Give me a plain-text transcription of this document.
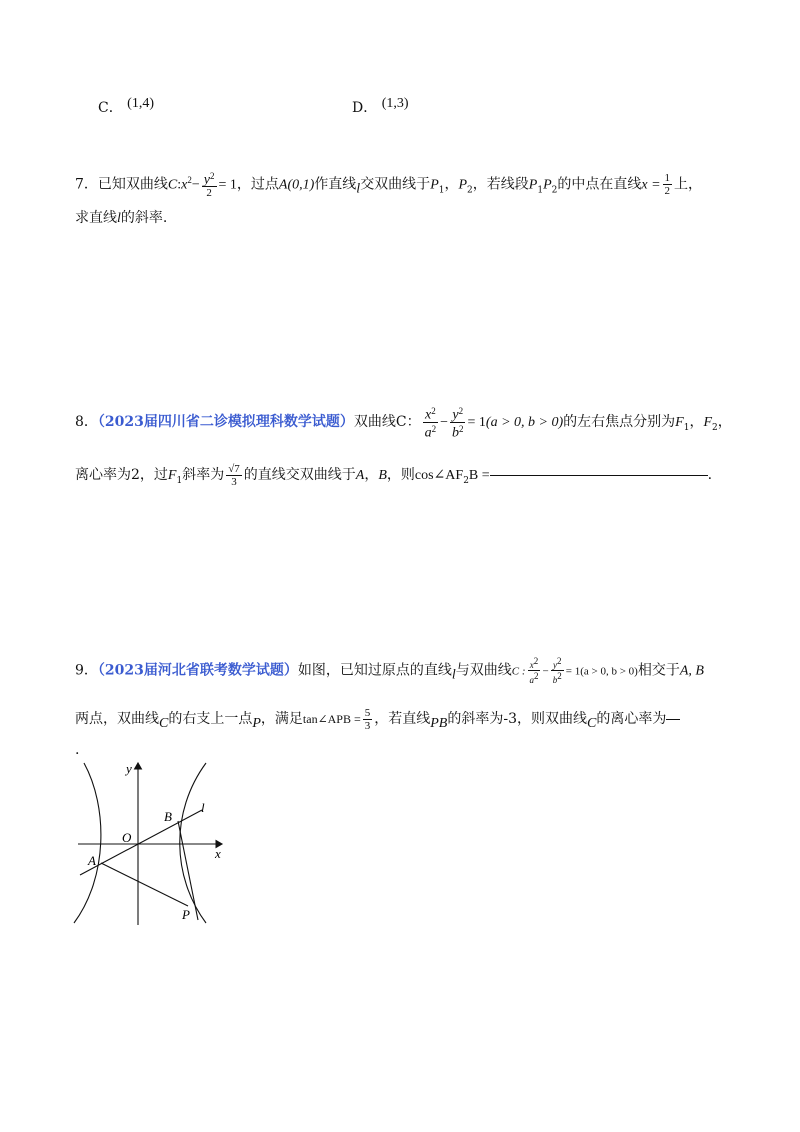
C． (1,4)	D． (1,3)
7．已知双曲线$C:x^2- \frac{y^2}{2} = 1$，过点A(0,1)作直线$_l$交双曲线于$P_1$，$P_2$，若线段$P_1P_2$的中点在直线$x = \frac{1}{2}$ 上，
求直线l的斜率.
8．（2023届四川省二诊模拟理科数学试题）双曲线C： $\frac{x^2}{a^2} - \frac{y^2}{b^2} = 1(a > 0$, b > 0)的左右焦点分别为$F_1$，$F_2$，
离心率为2，过$F_1$斜率为 $\frac{√7}{3}$ 的直线交双曲线于A，B，则$\cos\angle AF_2B$ =	.
9．（2023届河北省联考数学试题）如图，已知过原点的直线$_l$与双曲线C : $\frac{x^2}{a^2} - \frac{y^2}{b^2} = 1(a > 0$, b > 0)相交于A, B
两点，双曲线$_C$的右支上一点$_P$，满足tan∠APB = $\frac{5}{3}$ ，若直线$_{PB}$的斜率为-3，则双曲线$_C$的离心率为
.
y
x
O
A
B
P
l
